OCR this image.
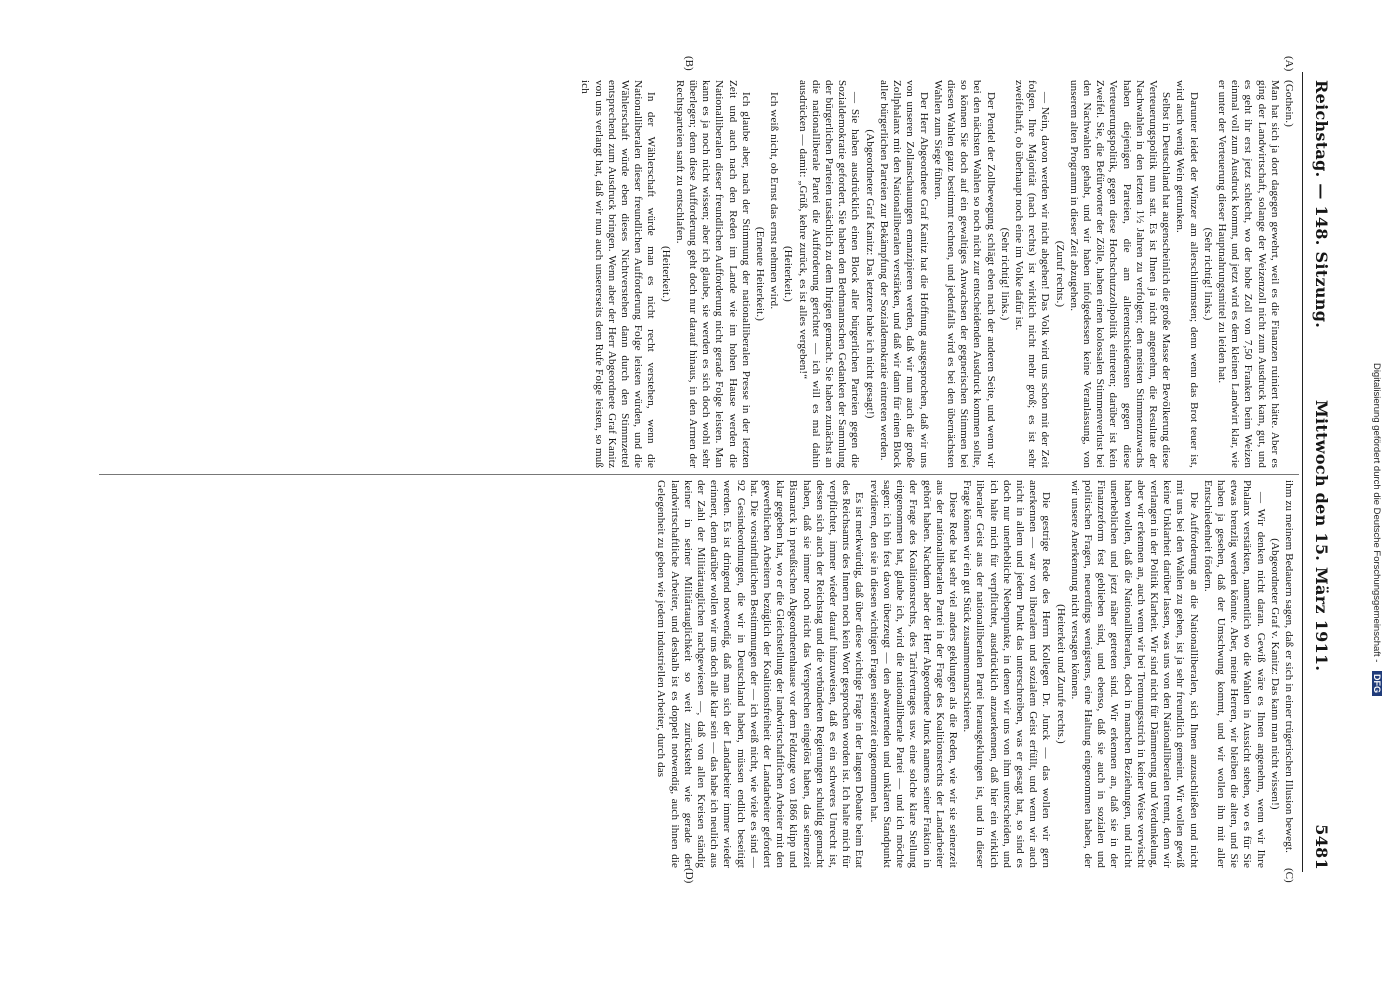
Reichstag. — 148. Sitzung.
Mittwoch den 15. März 1911.
5481
(A)
(B)
(C)
(D)

(Gothein.)

Man hat sich ja dort dagegen gewehrt, weil es die Finanzen ruiniert hätte. Aber es ging der Landwirtschaft, solange der Weizenzoll nicht zum Ausdruck kam, gut, und es geht ihr erst jetzt schlecht, wo der hohe Zoll von 7,50 Franken beim Weizen einmal voll zum Ausdruck kommt, und jetzt wird es dem kleinen Landwirt klar, wie er unter der Verteuerung dieser Hauptnahrungsmittel zu leiden hat.

(Sehr richtig! links.)

Darunter leidet der Winzer am allerschlimmsten; denn wenn das Brot teuer ist, wird auch wenig Wein getrunken.

Selbst in Deutschland hat augenscheinlich die große Masse der Bevölkerung diese Verteuerungspolitik nun satt. Es ist Ihnen ja nicht angenehm, die Resultate der Nachwahlen in den letzten 1½ Jahren zu verfolgen; den meisten Stimmenzuwachs haben diejenigen Parteien, die am allerentschiedensten gegen diese Verteuerungspolitik, gegen diese Hochschutzzollpolitik eintreten; darüber ist kein Zweifel. Sie, die Befürworter der Zölle, haben einen kolossalen Stimmenverlust bei den Nachwahlen gehabt, und wir haben infolgedessen keine Veranlassung, von unserem alten Programm in dieser Zeit abzugehen.

(Zuruf rechts.)

— Nein, davon werden wir nicht abgehen! Das Volk wird uns schon mit der Zeit folgen. Ihre Majorität (nach rechts) ist wirklich nicht mehr groß; es ist sehr zweifelhaft, ob überhaupt noch eine im Volke dafür ist.

(Sehr richtig! links.)

Der Pendel der Zollbewegung schlägt eben nach der anderen Seite, und wenn wir bei den nächsten Wahlen so noch nicht zur entscheidenden Ausdruck kommen sollte, so können Sie doch auf ein gewaltiges Anwachsen der gegnerischen Stimmen bei diesen Wahlen ganz bestimmt rechnen, und jedenfalls wird es bei den übernächsten Wahlen zum Siege führen.

Der Herr Abgeordnete Graf Kanitz hat die Hoffnung ausgesprochen, daß wir uns von unseren Zollanschauungen emanzipieren werden, daß wir nun auch die große Zollphalanx mit den Nationalliberalen verstärken, und daß wir dann für einen Block aller bürgerlichen Parteien zur Bekämpfung der Sozialdemokratie eintreten werden.

(Abgeordneter Graf Kanitz: Das letztere habe ich nicht gesagt!)

— Sie haben ausdrücklich einen Block aller bürgerlichen Parteien gegen die Sozialdemokratie gefordert. Sie haben den Bethmannschen Gedanken der Sammlung der bürgerlichen Parteien tatsächlich zu dem Ihrigen gemacht. Sie haben zunächst an die nationalliberale Partei die Aufforderung gerichtet — ich will es mal dahin ausdrücken — damit: „Grüß, kehre zurück, es ist alles vergeben!“

(Heiterkeit.)

Ich weiß nicht, ob Ernst das ernst nehmen wird.

(Erneute Heiterkeit.)

Ich glaube aber, nach der Stimmung der nationalliberalen Presse in der letzten Zeit und auch nach den Reden im Lande wie im hohen Hause werden die Nationalliberalen dieser freundlichen Aufforderung nicht gerade Folge leisten. Man kann es ja noch nicht wissen; aber ich glaube, sie werden es sich doch wohl sehr überlegen; denn diese Aufforderung geht doch nur darauf hinaus, in den Armen der Rechtsparteien sanft zu entschlafen.

(Heiterkeit.)

In der Wählerschaft würde man es nicht recht verstehen, wenn die Nationalliberalen dieser freundlichen Aufforderung Folge leisten würden, und die Wählerschaft würde eben dieses Nichtverstehen dann durch den Stimmzettel entsprechend zum Ausdruck bringen. Wenn aber der Herr Abgeordnete Graf Kanitz von uns verlangt hat, daß wir nun auch unsererseits dem Rufe Folge leisten, so muß ich

ihm zu meinem Bedauern sagen, daß er sich in einer trügerischen Illusion bewegt.

(Abgeordneter Graf v. Kanitz: Das kann man nicht wissen!)

— Wir denken nicht daran. Gewiß wäre es Ihnen angenehm, wenn wir Ihre Phalanx verstärkten, namentlich wo die Wahlen in Aussicht stehen, wo es für Sie etwas brenzlig werden könnte. Aber, meine Herren, wir bleiben die alten, und Sie haben ja gesehen, daß der Umschwung kommt, und wir wollen ihn mit aller Entschiedenheit fördern.

Die Aufforderung an die Nationalliberalen, sich Ihnen anzuschließen und nicht mit uns bei den Wahlen zu gehen, ist ja sehr freundlich gemeint. Wir wollen gewiß keine Unklarheit darüber lassen, was uns von den Nationalliberalen trennt, denn wir verlangen in der Politik Klarheit. Wir sind nicht für Dämmerung und Verdunkelung, aber wir erkennen an, auch wenn wir bei Trennungsstrich in keiner Weise verwischt haben wollen, daß die Nationalliberalen, doch in manchen Beziehungen, und nicht unerheblichen und jetzt näher getreten sind. Wir erkennen an, daß sie in der Finanzreform fest geblieben sind, und ebenso, daß sie auch in sozialen und politischen Fragen, neuerdings wenigstens, eine Haltung eingenommen haben, der wir unsere Anerkennung nicht versagen können.

(Heiterkeit und Zurufe rechts.)

Die gestrige Rede des Herrn Kollegen Dr. Junck — das wollen wir gern anerkennen — war von liberalem und sozialem Geist erfüllt, und wenn wir auch nicht in allem und jedem Punkt das unterschreiben, was er gesagt hat, so sind es doch nur unerhebliche Nebenpunkte, in denen wir uns von ihm unterscheiden, und ich halte mich für verpflichtet, ausdrücklich anzuerkennen, daß hier ein wirklich liberaler Geist aus der nationalliberalen Partei herausgeklungen ist, und in dieser Frage können wir ein gut Stück zusammenmarschieren.

Diese Rede hat sehr viel anders geklungen als die Reden, wie wir sie seinerzeit aus der nationalliberalen Partei in der Frage des Koalitionsrechts der Landarbeiter gehört haben. Nachdem aber der Herr Abgeordnete Junck namens seiner Fraktion in der Frage des Koalitionsrechts, des Tarifvertrages usw. eine solche klare Stellung eingenommen hat, glaube ich, wird die nationalliberale Partei — und ich möchte sagen: ich bin fest davon überzeugt — den abwartenden und unklaren Standpunkt revidieren, den sie in diesen wichtigen Fragen seinerzeit eingenommen hat.

Es ist merkwürdig, daß über diese wichtige Frage in der langen Debatte beim Etat des Reichsamts des Innern noch kein Wort gesprochen worden ist. Ich halte mich für verpflichtet, immer wieder darauf hinzuweisen, daß es ein schweres Unrecht ist, dessen sich auch der Reichstag und die verbündeten Regierungen schuldig gemacht haben, daß sie immer noch nicht das Versprechen eingelöst haben, das seinerzeit Bismarck in preußischen Abgeordnetenhause vor dem Feldzuge von 1866 klipp und klar gegeben hat, wo er die Gleichstellung der landwirtschaftlichen Arbeiter mit den gewerblichen Arbeitern bezüglich der Koalitionsfreiheit der Landarbeiter gefordert hat. Die vorsintflutlichen Bestimmungen der — ich weiß nicht, wie viele es sind — 92 Gesindeordnungen, die wir in Deutschland haben, müssen endlich beseitigt werden. Es ist dringend notwendig, daß man sich der Landarbeiter immer wieder erinnert, denn darüber wollen wir uns doch alle klar sein — das habe ich neulich aus der Zahl der Militärtauglichen nachgewiesen —, daß von allen Kreisen ständig keiner in seiner Militärtauglichkeit so weit zurücksteht wie gerade der landwirtschaftliche Arbeiter, und deshalb ist es doppelt notwendig, auch ihnen die Gelegenheit zu geben wie jedem industriellen Arbeiter, durch das	Digitalisierung gefördert durch die Deutsche Forschungsgemeinschaft - DFG
